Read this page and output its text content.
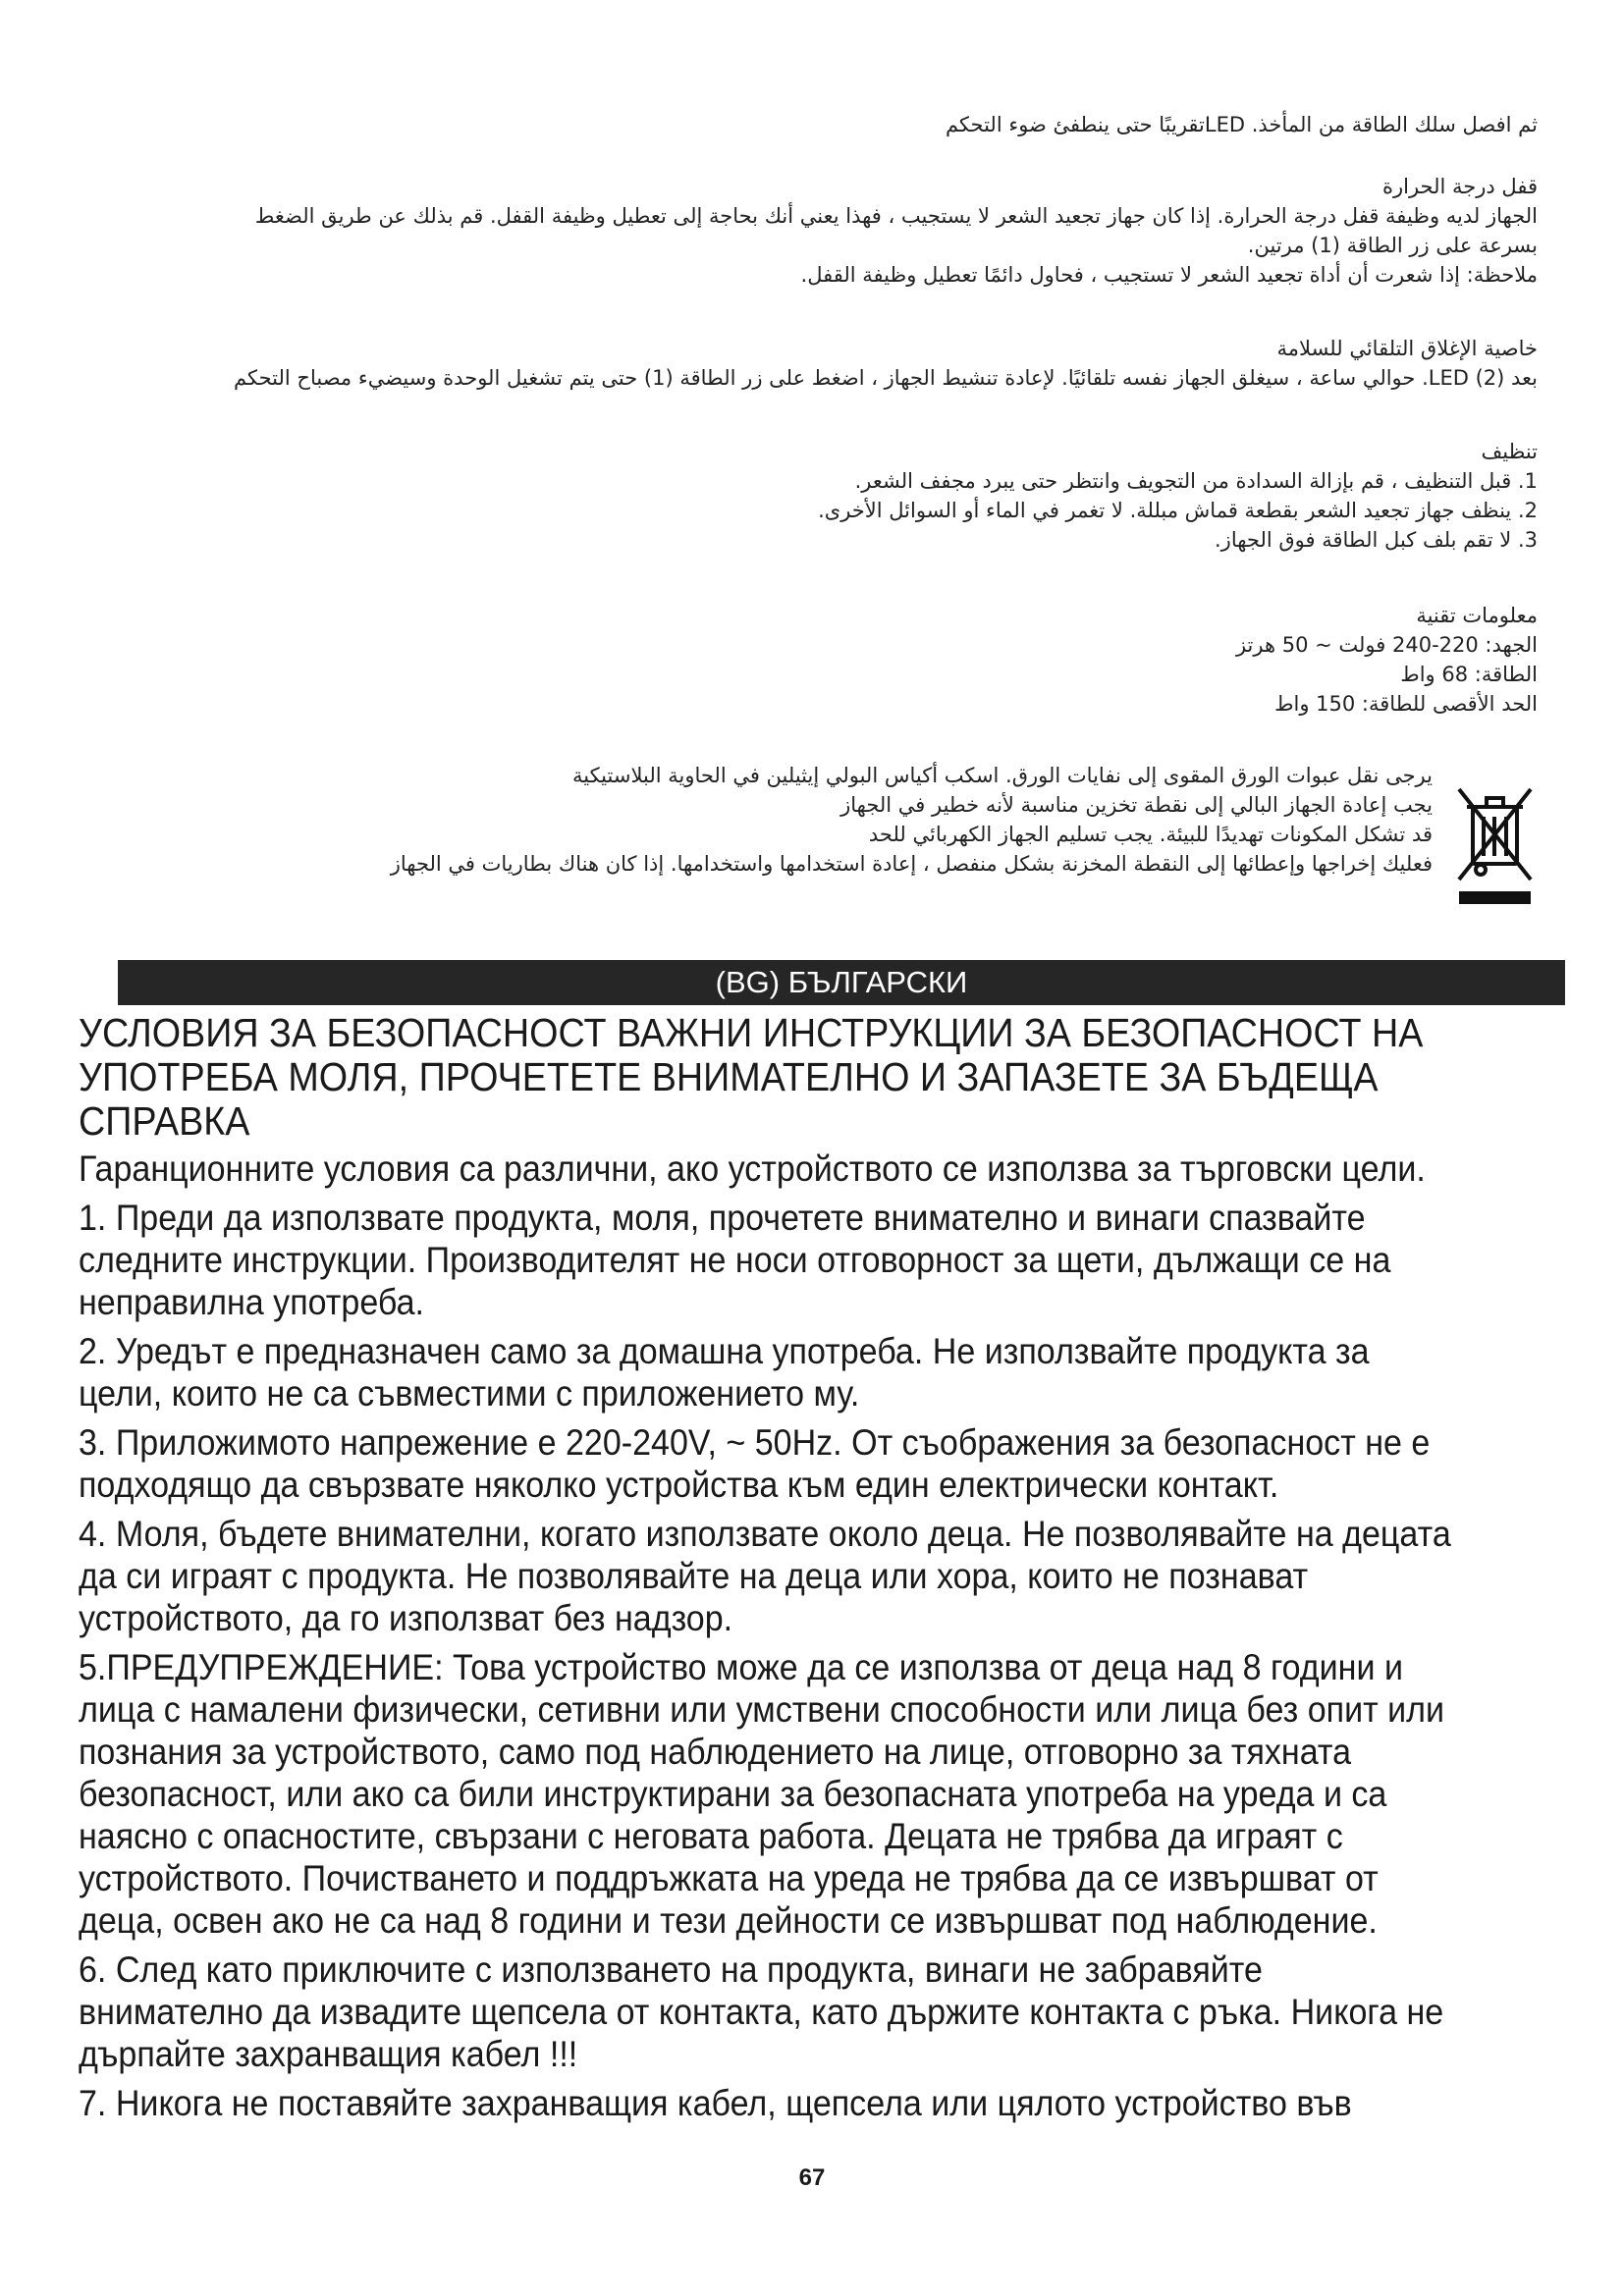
ثم افصل سلك الطاقة من المأخذ. LEDتقريبًا حتى ينطفئ ضوء التحكم

قفل درجة الحرارة

الجهاز لديه وظيفة قفل درجة الحرارة. إذا كان جهاز تجعيد الشعر لا يستجيب ، فهذا يعني أنك بحاجة إلى تعطيل وظيفة القفل. قم بذلك عن طريق الضغط

بسرعة على زر الطاقة (1) مرتين.

ملاحظة: إذا شعرت أن أداة تجعيد الشعر لا تستجيب ، فحاول دائمًا تعطيل وظيفة القفل.

خاصية الإغلاق التلقائي للسلامة

بعد LED (2). حوالي ساعة ، سيغلق الجهاز نفسه تلقائيًا. لإعادة تنشيط الجهاز ، اضغط على زر الطاقة (1) حتى يتم تشغيل الوحدة وسيضيء مصباح التحكم

تنظيف

1. قبل التنظيف ، قم بإزالة السدادة من التجويف وانتظر حتى يبرد مجفف الشعر.

2. ينظف جهاز تجعيد الشعر بقطعة قماش مبللة. لا تغمر في الماء أو السوائل الأخرى.

3. لا تقم بلف كبل الطاقة فوق الجهاز.

معلومات تقنية

الجهد: 220-240 فولت ~ 50 هرتز

الطاقة: 68 واط

الحد الأقصى للطاقة: 150 واط

يرجى نقل عبوات الورق المقوى إلى نفايات الورق. اسكب أكياس البولي إيثيلين في الحاوية البلاستيكية

يجب إعادة الجهاز البالي إلى نقطة تخزين مناسبة لأنه خطير في الجهاز

قد تشكل المكونات تهديدًا للبيئة. يجب تسليم الجهاز الكهربائي للحد

فعليك إخراجها وإعطائها إلى النقطة المخزنة بشكل منفصل ، إعادة استخدامها واستخدامها. إذا كان هناك بطاريات في الجهاز

(BG) БЪЛГАРСКИ
УСЛОВИЯ ЗА БЕЗОПАСНОСТ ВАЖНИ ИНСТРУКЦИИ ЗА БЕЗОПАСНОСТ НА УПОТРЕБА МОЛЯ, ПРОЧЕТЕТЕ ВНИМАТЕЛНО И ЗАПАЗЕТЕ ЗА БЪДЕЩА СПРАВКА

Гаранционните условия са различни, ако устройството се използва за търговски цели.

1. Преди да използвате продукта, моля, прочетете внимателно и винаги спазвайте следните инструкции. Производителят не носи отговорност за щети, дължащи се на неправилна употреба.

2. Уредът е предназначен само за домашна употреба. Не използвайте продукта за цели, които не са съвместими с приложението му.

3. Приложимото напрежение е 220-240V, ~ 50Hz. От съображения за безопасност не е подходящо да свързвате няколко устройства към един електрически контакт.

4. Моля, бъдете внимателни, когато използвате около деца. Не позволявайте на децата да си играят с продукта. Не позволявайте на деца или хора, които не познават устройството, да го използват без надзор.

5.ПРЕДУПРЕЖДЕНИЕ: Това устройство може да се използва от деца над 8 години и лица с намалени физически, сетивни или умствени способности или лица без опит или познания за устройството, само под наблюдението на лице, отговорно за тяхната безопасност, или ако са били инструктирани за безопасната употреба на уреда и са наясно с опасностите, свързани с неговата работа. Децата не трябва да играят с устройството. Почистването и поддръжката на уреда не трябва да се извършват от деца, освен ако не са над 8 години и тези дейности се извършват под наблюдение.

6. След като приключите с използването на продукта, винаги не забравяйте внимателно да извадите щепсела от контакта, като държите контакта с ръка. Никога не дърпайте захранващия кабел !!!

7. Никога не поставяйте захранващия кабел, щепсела или цялото устройство във

67
